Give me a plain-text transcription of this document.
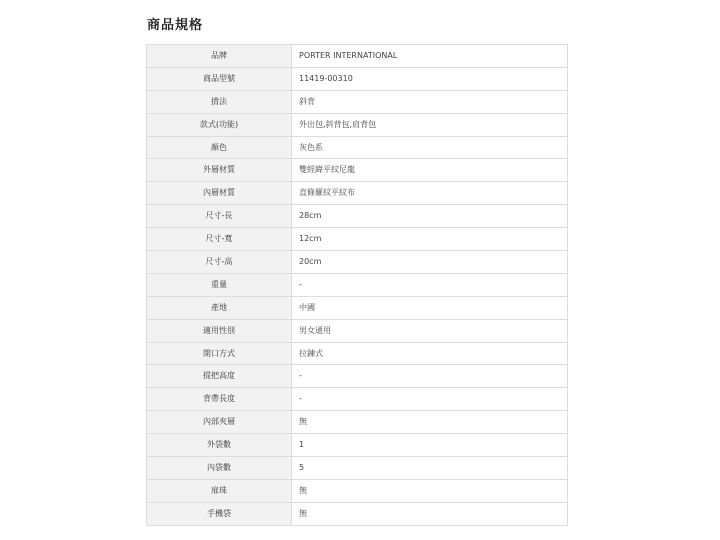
商品規格
品牌	PORTER INTERNATIONAL
商品型號	11419-00310
揹法	斜背
款式(功能)	外出包,斜背包,肩背包
顏色	灰色系
外層材質	雙經緯平紋尼龍
內層材質	直條羅紋平紋布
尺寸-長	28cm
尺寸-寬	12cm
尺寸-高	20cm
重量	-
產地	中國
適用性別	男女通用
開口方式	拉鍊式
提把高度	-
背帶長度	-
內部夾層	無
外袋數	1
內袋數	5
扉珠	無
手機袋	無
